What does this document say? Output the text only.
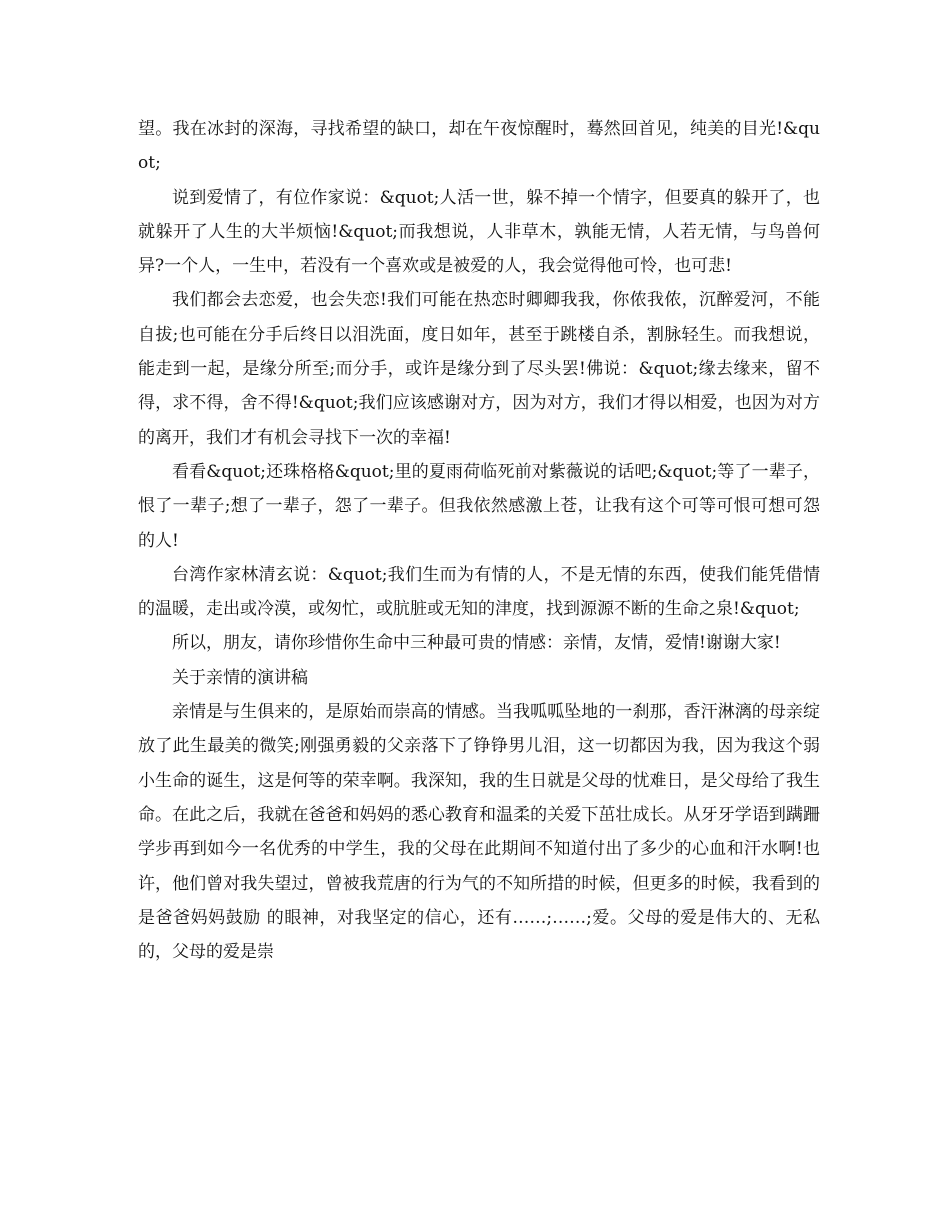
望。我在冰封的深海，寻找希望的缺口，却在午夜惊醒时，蓦然回首见，纯美的目光!&quot;

说到爱情了，有位作家说：&quot;人活一世，躲不掉一个情字，但要真的躲开了，也就躲开了人生的大半烦恼!&quot;而我想说，人非草木，孰能无情，人若无情，与鸟兽何异?一个人，一生中，若没有一个喜欢或是被爱的人，我会觉得他可怜，也可悲!

我们都会去恋爱，也会失恋!我们可能在热恋时卿卿我我，你侬我侬，沉醉爱河，不能自拔;也可能在分手后终日以泪洗面，度日如年，甚至于跳楼自杀，割脉轻生。而我想说，能走到一起，是缘分所至;而分手，或许是缘分到了尽头罢!佛说：&quot;缘去缘来，留不得，求不得，舍不得!&quot;我们应该感谢对方，因为对方，我们才得以相爱，也因为对方的离开，我们才有机会寻找下一次的幸福!

看看&quot;还珠格格&quot;里的夏雨荷临死前对紫薇说的话吧;&quot;等了一辈子，恨了一辈子;想了一辈子，怨了一辈子。但我依然感激上苍，让我有这个可等可恨可想可怨的人!

台湾作家林清玄说：&quot;我们生而为有情的人，不是无情的东西，使我们能凭借情的温暖，走出或冷漠，或匆忙，或肮脏或无知的津度，找到源源不断的生命之泉!&quot;

所以，朋友，请你珍惜你生命中三种最可贵的情感：亲情，友情，爱情!谢谢大家!

关于亲情的演讲稿

亲情是与生俱来的，是原始而崇高的情感。当我呱呱坠地的一刹那，香汗淋漓的母亲绽放了此生最美的微笑;刚强勇毅的父亲落下了铮铮男儿泪，这一切都因为我，因为我这个弱小生命的诞生，这是何等的荣幸啊。我深知，我的生日就是父母的忧难日，是父母给了我生命。在此之后，我就在爸爸和妈妈的悉心教育和温柔的关爱下茁壮成长。从牙牙学语到蹒跚学步再到如今一名优秀的中学生，我的父母在此期间不知道付出了多少的心血和汗水啊!也许，他们曾对我失望过，曾被我荒唐的行为气的不知所措的时候，但更多的时候，我看到的是爸爸妈妈鼓励 的眼神，对我坚定的信心，还有……;……;爱。父母的爱是伟大的、无私的，父母的爱是崇
